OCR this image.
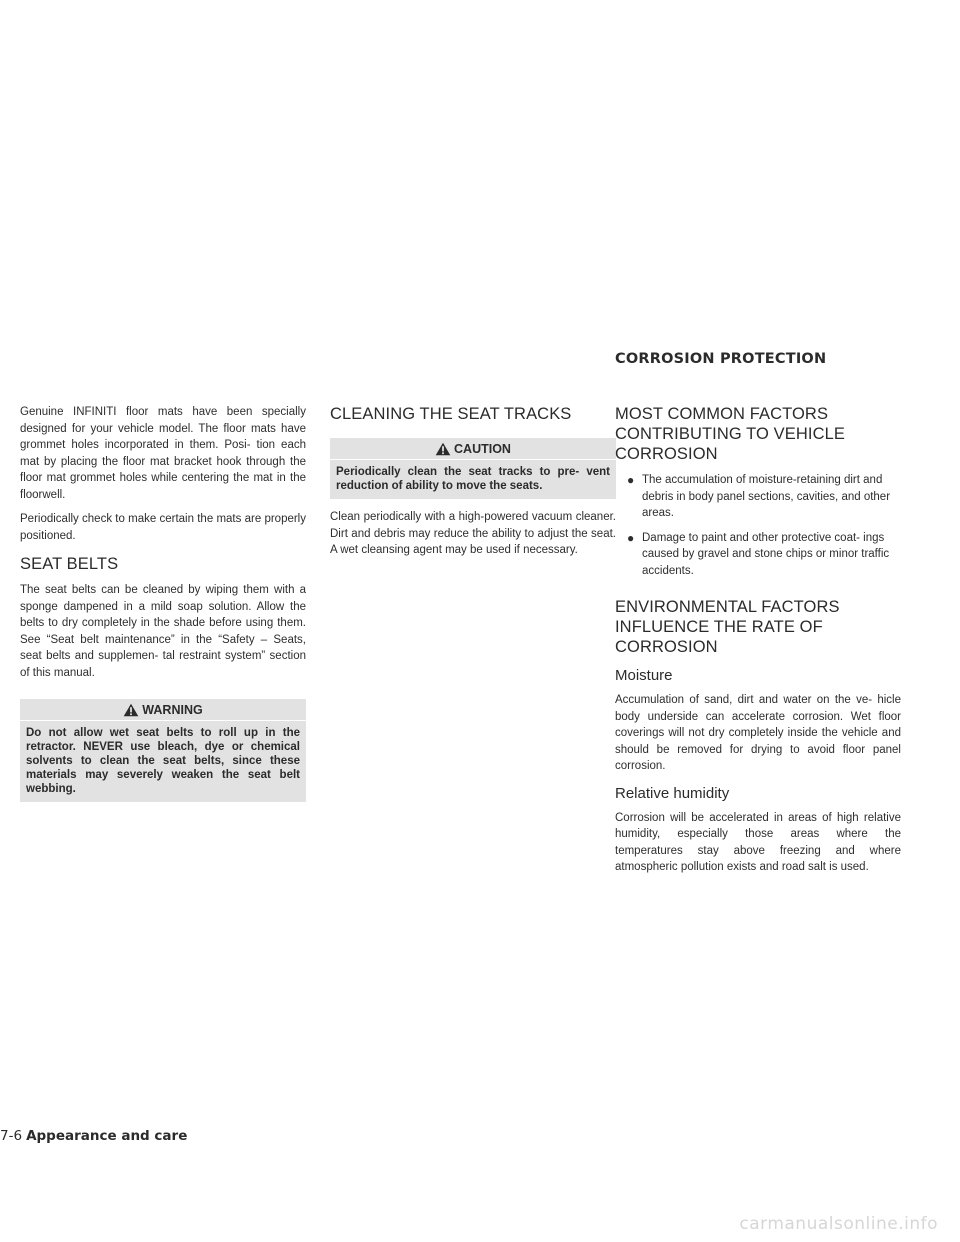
CORROSION PROTECTION

Genuine INFINITI floor mats have been specially designed for your vehicle model. The floor mats have grommet holes incorporated in them. Posi- tion each mat by placing the floor mat bracket hook through the floor mat grommet holes while centering the mat in the floorwell.

Periodically check to make certain the mats are properly positioned.

SEAT BELTS

The seat belts can be cleaned by wiping them with a sponge dampened in a mild soap solution. Allow the belts to dry completely in the shade before using them. See “Seat belt maintenance” in the “Safety – Seats, seat belts and supplemen- tal restraint system” section of this manual.

WARNING
Do not allow wet seat belts to roll up in the retractor. NEVER use bleach, dye or chemical solvents to clean the seat belts, since these materials may severely weaken the seat belt webbing.
CLEANING THE SEAT TRACKS
CAUTION
Periodically clean the seat tracks to pre- vent reduction of ability to move the seats.

Clean periodically with a high-powered vacuum cleaner. Dirt and debris may reduce the ability to adjust the seat. A wet cleansing agent may be used if necessary.

MOST COMMON FACTORS CONTRIBUTING TO VEHICLE CORROSION
● The accumulation of moisture-retaining dirt and debris in body panel sections, cavities, and other areas.
● Damage to paint and other protective coat- ings caused by gravel and stone chips or minor traffic accidents.
ENVIRONMENTAL FACTORS INFLUENCE THE RATE OF CORROSION
Moisture

Accumulation of sand, dirt and water on the ve- hicle body underside can accelerate corrosion. Wet floor coverings will not dry completely inside the vehicle and should be removed for drying to avoid floor panel corrosion.

Relative humidity

Corrosion will be accelerated in areas of high relative humidity, especially those areas where the temperatures stay above freezing and where atmospheric pollution exists and road salt is used.

7-6 Appearance and care
carmanualsonline.info
